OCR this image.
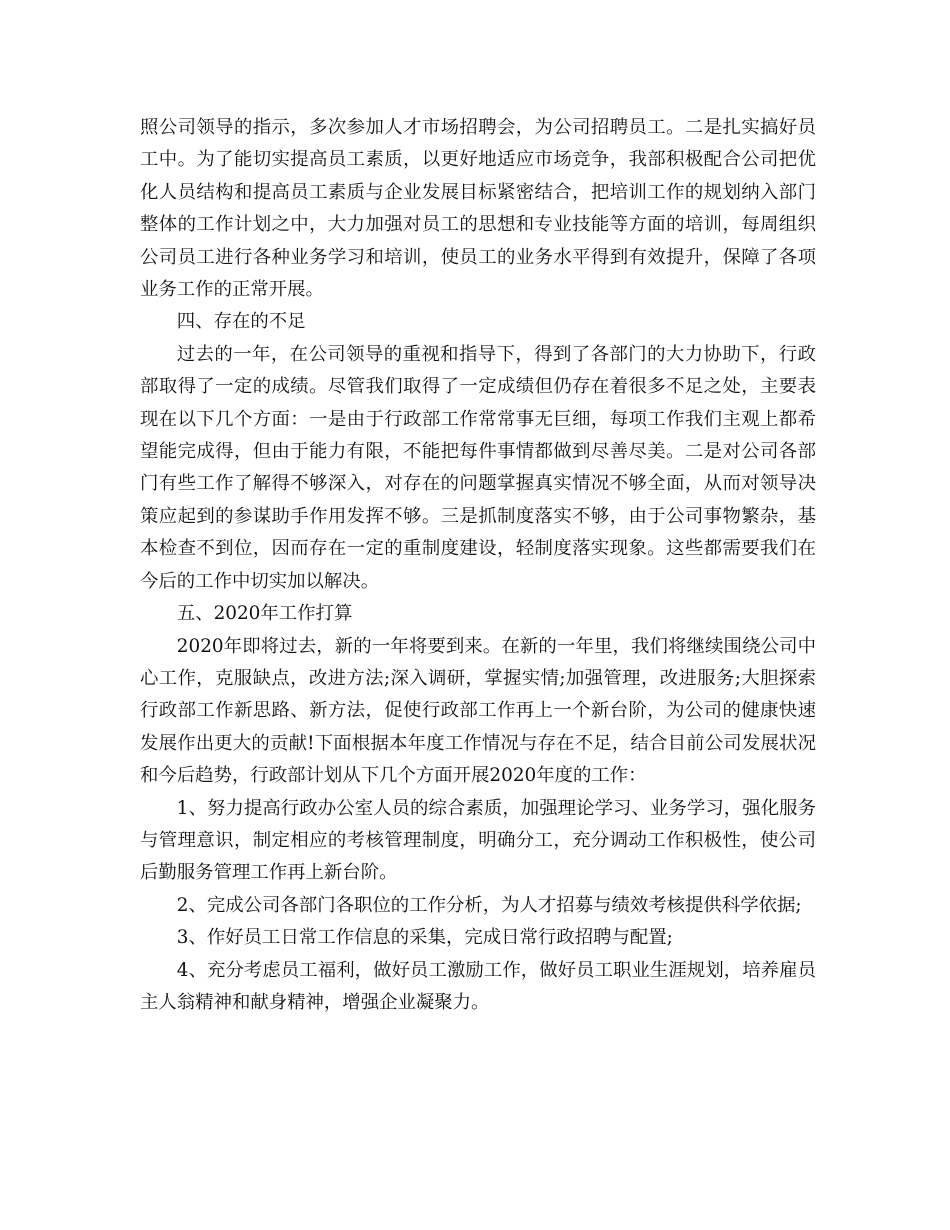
照公司领导的指示，多次参加人才市场招聘会，为公司招聘员工。二是扎实搞好员工中。为了能切实提高员工素质，以更好地适应市场竞争，我部积极配合公司把优化人员结构和提高员工素质与企业发展目标紧密结合，把培训工作的规划纳入部门整体的工作计划之中，大力加强对员工的思想和专业技能等方面的培训，每周组织公司员工进行各种业务学习和培训，使员工的业务水平得到有效提升，保障了各项业务工作的正常开展。

四、存在的不足

过去的一年，在公司领导的重视和指导下，得到了各部门的大力协助下，行政部取得了一定的成绩。尽管我们取得了一定成绩但仍存在着很多不足之处，主要表现在以下几个方面：一是由于行政部工作常常事无巨细，每项工作我们主观上都希望能完成得，但由于能力有限，不能把每件事情都做到尽善尽美。二是对公司各部门有些工作了解得不够深入，对存在的问题掌握真实情况不够全面，从而对领导决策应起到的参谋助手作用发挥不够。三是抓制度落实不够，由于公司事物繁杂，基本检查不到位，因而存在一定的重制度建设，轻制度落实现象。这些都需要我们在今后的工作中切实加以解决。

五、2020年工作打算

2020年即将过去，新的一年将要到来。在新的一年里，我们将继续围绕公司中心工作，克服缺点，改进方法;深入调研，掌握实情;加强管理，改进服务;大胆探索行政部工作新思路、新方法，促使行政部工作再上一个新台阶，为公司的健康快速发展作出更大的贡献!下面根据本年度工作情况与存在不足，结合目前公司发展状况和今后趋势，行政部计划从下几个方面开展2020年度的工作：

1、努力提高行政办公室人员的综合素质，加强理论学习、业务学习，强化服务与管理意识，制定相应的考核管理制度，明确分工，充分调动工作积极性，使公司后勤服务管理工作再上新台阶。

2、完成公司各部门各职位的工作分析，为人才招募与绩效考核提供科学依据;

3、作好员工日常工作信息的采集，完成日常行政招聘与配置;

4、充分考虑员工福利，做好员工激励工作，做好员工职业生涯规划，培养雇员主人翁精神和献身精神，增强企业凝聚力。
